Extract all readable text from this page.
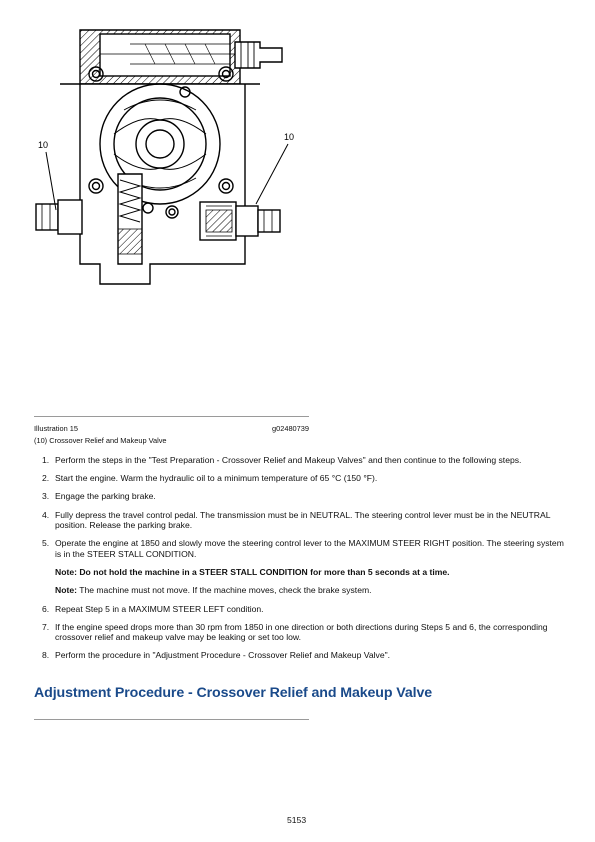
10
10
Illustration 15	g02480739
(10) Crossover Relief and Makeup Valve
1. Perform the steps in the "Test Preparation - Crossover Relief and Makeup Valves" and then continue to the following steps.
2. Start the engine. Warm the hydraulic oil to a minimum temperature of 65 °C (150 °F).
3. Engage the parking brake.
4. Fully depress the travel control pedal. The transmission must be in NEUTRAL. The steering control lever must be in the NEUTRAL position. Release the parking brake.
5. Operate the engine at 1850 and slowly move the steering control lever to the MAXIMUM STEER RIGHT position. The steering system is in the STEER STALL CONDITION.
Note: Do not hold the machine in a STEER STALL CONDITION for more than 5 seconds at a time.
Note: The machine must not move. If the machine moves, check the brake system.
6. Repeat Step 5 in a MAXIMUM STEER LEFT condition.
7. If the engine speed drops more than 30 rpm from 1850 in one direction or both directions during Steps 5 and 6, the corresponding crossover relief and makeup valve may be leaking or set too low.
8. Perform the procedure in "Adjustment Procedure - Crossover Relief and Makeup Valve".
Adjustment Procedure - Crossover Relief and Makeup Valve
5153
